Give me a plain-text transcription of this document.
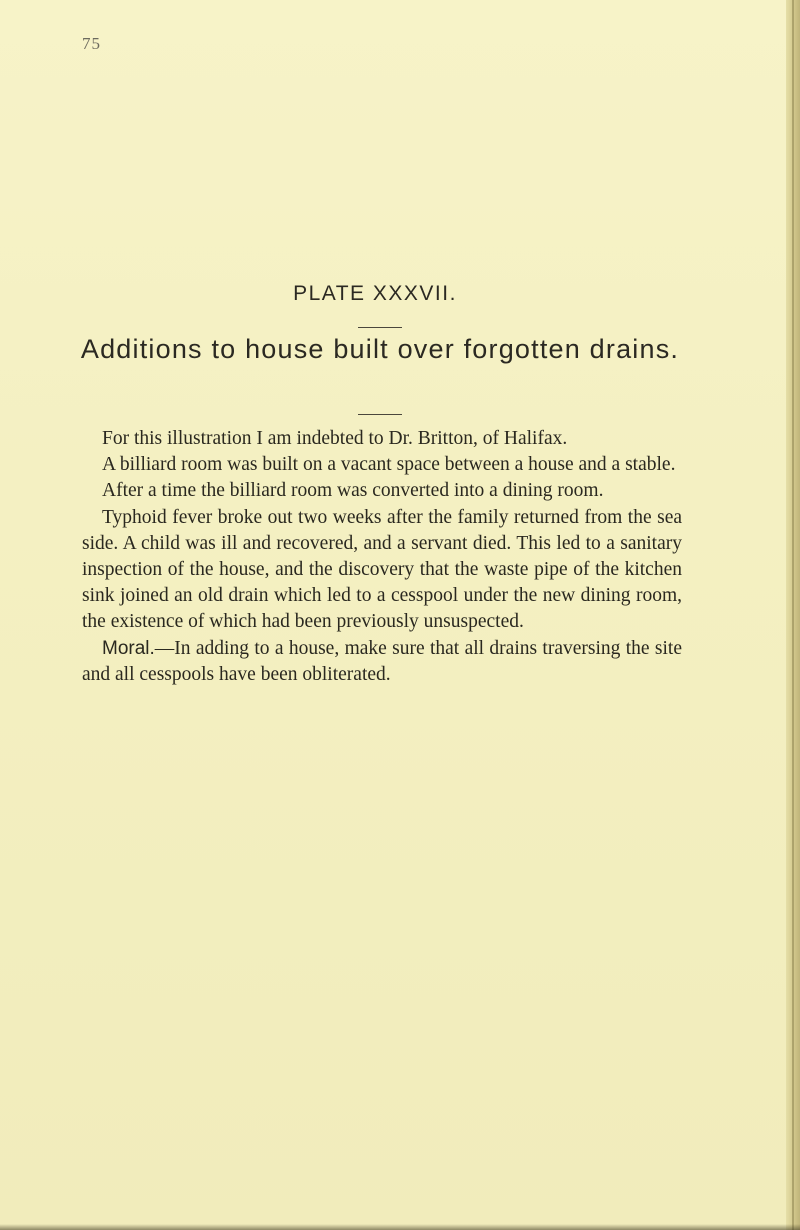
75
PLATE XXXVII.
Additions to house built over forgotten drains.

For this illustration I am indebted to Dr. Britton, of Halifax.

A billiard room was built on a vacant space between a house and a stable.

After a time the billiard room was converted into a dining room.

Typhoid fever broke out two weeks after the family returned from the sea side. A child was ill and recovered, and a servant died. This led to a sanitary inspection of the house, and the discovery that the waste pipe of the kitchen sink joined an old drain which led to a cesspool under the new dining room, the existence of which had been previously unsuspected.

Moral.—In adding to a house, make sure that all drains traversing the site and all cesspools have been obliterated.
